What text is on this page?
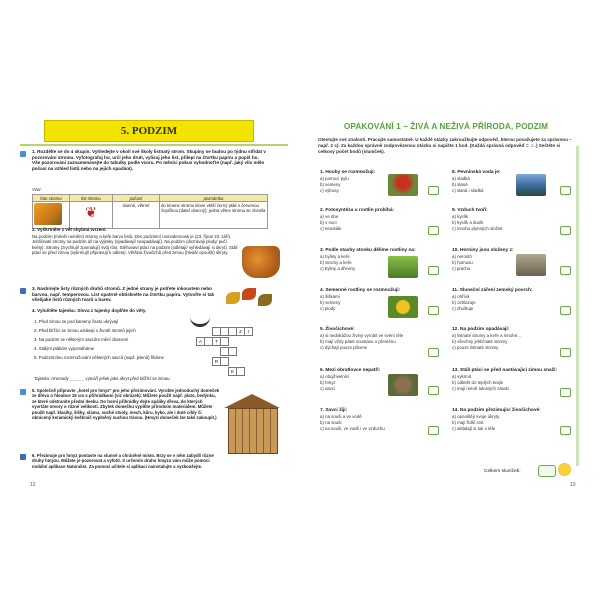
5. PODZIM
1. Rozdělte se do 4 skupin. Vyhledejte v okolí své školy listnatý strom. Skupiny se budou po týdnu střídat v pozorování stromu. Vyfotografuj ho, urči jeho druh, vylisuj jeho list, přilepí na čtvrtku papíru a popiš ho. Vše pozorování zaznamenávejte do tabulky podle vzoru. Po měsíci pokus vyhodnoťte (např. jaký vliv mělo počasí na vzhled listů nebo na jejich opadání).
Vzor:
foto stromu	list stromu	počasí	poznámka

	❦	slunné, větrné	do kmene stromu klove větší černý pták s červenou čepičkou (datel obecný); jedna větev stromu se zlomila
2. Vyškrtněte z vět chybná tvrzení.
Na podzim (méně/ nemění) stromy a keře barvu listů. Den podzimní rovnodennosti je (23. října/ 23. září). Jehličnaté stromy na podzim až na výjimky (opadávají/ neopadávají). Na podzim (dozrávají plody/ pučí květy). Stromy (zrychlují/ zpomalují) svůj růst. Stěhovaví ptáci na podzim (odlétají/ vyhledávají si úkryt). Stálí ptáci se před zimou (vykrmují/ připravují k odletu). Většina živočichů před zimou (hledá/ opouští) úkryty.
3. Nasbírejte listy různých druhů stromů. Z jedné strany je potřete inkoustem nebo barvou, např. temperovou. List opatrně obtiskněte na čtvrtku papíru. Vytvořte si tak všelijaké listů různých tvarů a barev.
4. Vyluštěte tajenku. Slova z tajenky doplňte do věty.
1. Před zimou se pod kameny často ukrývají
2. Před blížící se zimou ustávají v životě stromů jejich
3. Na podzim se některým savcům mění zbarvení
4. Stálým ptákům vypomáháme
5. Podzimnímu rozmnožování některých savců (např. jelenů) říkáme
Z	I
A	T
R
E
Tajenka: Hromady ______ vytváří ješek jako úkryt před blížící se zimou.
5. Společně připravte „hotel pro hmyz" pro jeho přezimování. Vyrobte jednoduchý domeček ze dřeva o hloubce 15 cm s přihrádkami (viz obrázek). Můžete použít např. plato, bedýnku, ze které odstraníte přední desku. Do horní přihrádky dejte spáliky dřeva, do kterých vyvrtáte otvory o různé velikosti. Zbytek domečku vyplňte přírodním materiálem. Můžete použít např. klacíky, šišky, slámu, suché stvoly, mech, kůru, kyko, ale i duté cihly či obrácený keramický květináč vyplněný suchou trávou. (Hmyzí domeček lze také zakoupit.)
6. Přezimuje pro hmyz postavte na slunné a chráněné místo. Brzy se v něm zabydlí různé druhy hmyzu. Můžete je pozorovat a vyfotit. S určením druhu hmyzu vám může pomoci mobilní aplikace Naturalist. Za pomoci učitele si aplikaci nainstalujte a vyzkoušejte.
12
OPAKOVÁNÍ 1 – ŽIVÁ A NEŽIVÁ PŘÍRODA, PODZIM
Otestujte své znalosti. Pracujte samostatně. U každé otázky zakroužkujte odpověď, kterou považujete za správnou – např. 2 c). Za každou správně zodpovězenou otázku si napište 1 bod. (Každá správná odpověď = ☺.) Sečtěte si celkový počet bodů (sluníček).
1. Houby se rozmnožují:
a) pomocí pylu
b) semeny
c) výtrusy
2. Fotosyntéza u rostlin probíhá:
a) ve dne
b) v noci
c) neustále
3. Podle stavby stonku dělíme rostliny na:
a) byliny a keře
b) stromy a keře
c) byliny a dřeviny
4. Semenné rostliny se rozmnožují:
a) šiškami
b) semeny
c) plody
5. Živočichové:
a) si nedokážou živiny vyrobit ve svém těle
b) mají vždy pátet soustavu o přeměnu
c) dýchají pouze plícemi
6. Mezi obratlovce nepatří:
a) obojživelníci
b) hmyz
c) savci
7. Savci žijí:
a) na souši a ve vodě
b) na souši
c) na souši, ve vodě i ve vzduchu
8. Pevninská voda je:
a) sladká
b) slaná
c) slaná i sladká
9. Vzduch tvoří:
a) kyslík
b) kyslík a dusík
c) mnoho plynných složek
10. Horniny jsou složeny z:
a) nerostů
b) humusu
c) prachu
11. Sluneční záření zemský povrch:
a) ohřívá
b) ochlazuje
c) zhuštuje
12. Na podzim opadávají:
a) listnaté stromy a keře a mnohé…
b) všechny jehličnaté stromy
c) pouze listnaté stromy
13. Stálí ptáci se před nastávající zimou snaží:
a) vykrmit
b) odletět do teplých krajin
c) mají méně tukových zásob
14. Na podzim přezimující živočichové:
a) opouštějí svoje úkryty
b) mají řídší srst
c) ukládají si tuk v těle
Celkem sluníček:
13
